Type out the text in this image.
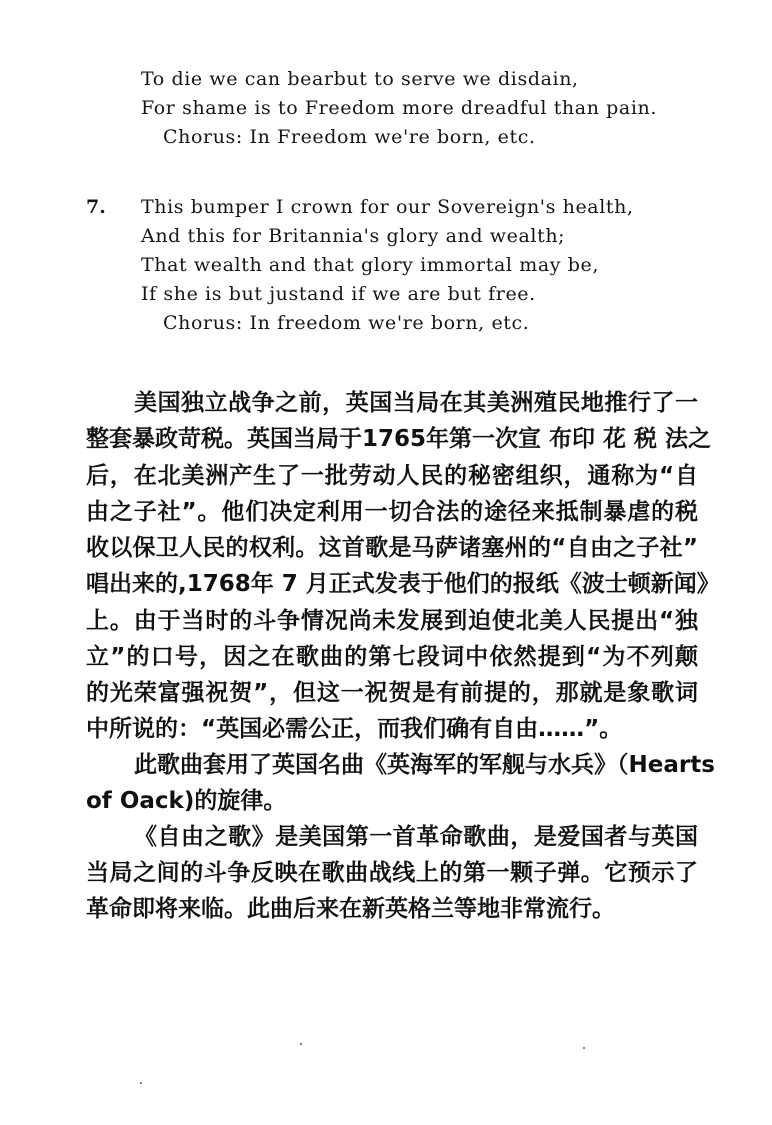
To die we can bearbut to serve we disdain,
For shame is to Freedom more dreadful than pain.
Chorus: In Freedom we're born, etc.
7. This bumper I crown for our Sovereign's health,
And this for Britannia's glory and wealth;
That wealth and that glory immortal may be,
If she is but justand if we are but free.
Chorus: In freedom we're born, etc.
美国独立战争之前，英国当局在其美洲殖民地推行了一
整套暴政苛税。英国当局于1765年第一次宣 布印 花 税 法之
后，在北美洲产生了一批劳动人民的秘密组织，通称为“自
由之子社”。他们决定利用一切合法的途径来抵制暴虐的税
收以保卫人民的权利。这首歌是马萨诸塞州的“自由之子社”
唱出来的,1768年 7 月正式发表于他们的报纸《波士顿新闻》
上。由于当时的斗争情况尚未发展到迫使北美人民提出“独
立”的口号，因之在歌曲的第七段词中依然提到“为不列颠
的光荣富强祝贺”，但这一祝贺是有前提的，那就是象歌词
中所说的：“英国必需公正，而我们确有自由……”。
此歌曲套用了英国名曲《英海军的军舰与水兵》（Hearts
of Oack)的旋律。
《自由之歌》是美国第一首革命歌曲，是爱国者与英国
当局之间的斗争反映在歌曲战线上的第一颗子弹。它预示了
革命即将来临。此曲后来在新英格兰等地非常流行。
